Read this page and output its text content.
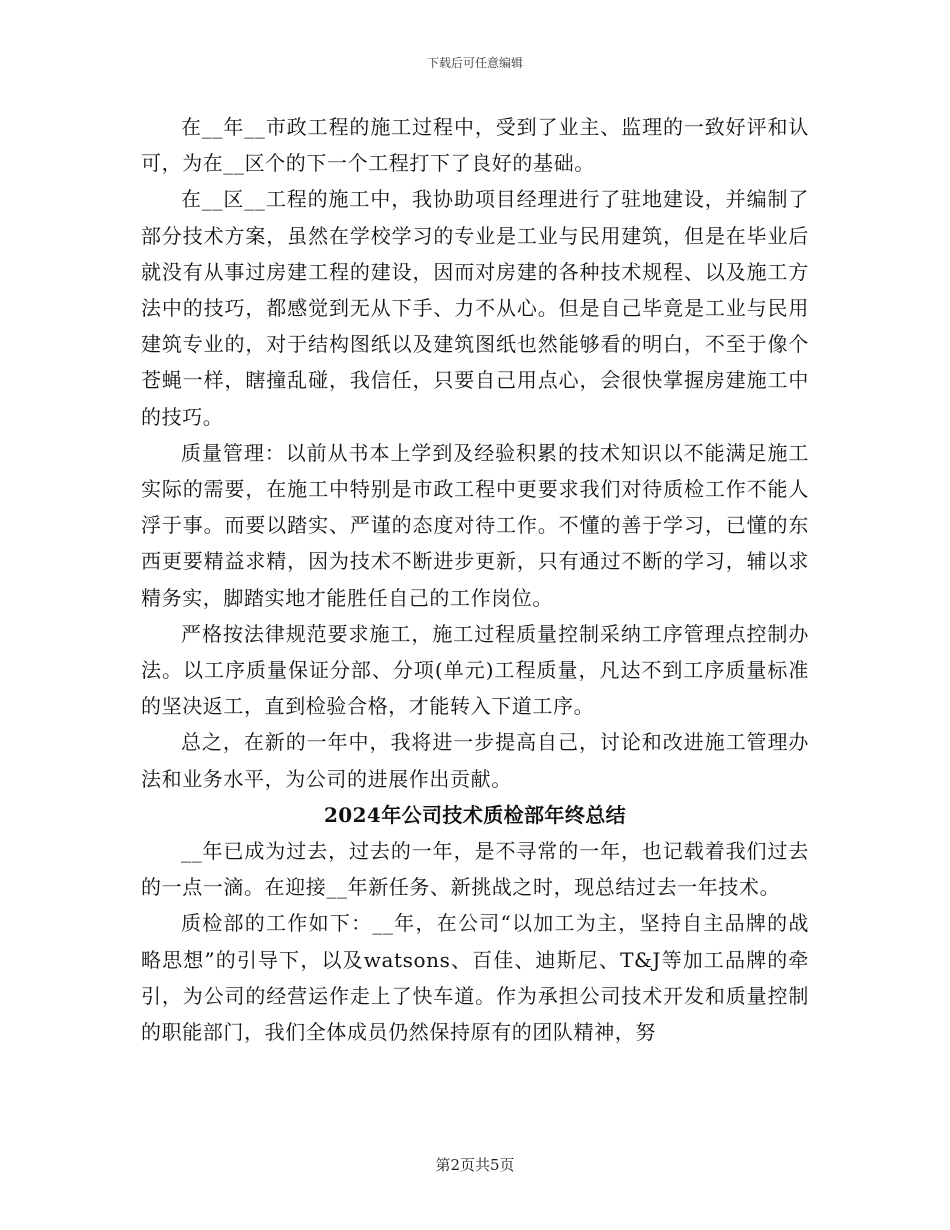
下载后可任意编辑

在__年__市政工程的施工过程中，受到了业主、监理的一致好评和认可，为在__区个的下一个工程打下了良好的基础。

在__区__工程的施工中，我协助项目经理进行了驻地建设，并编制了部分技术方案，虽然在学校学习的专业是工业与民用建筑，但是在毕业后就没有从事过房建工程的建设，因而对房建的各种技术规程、以及施工方法中的技巧，都感觉到无从下手、力不从心。但是自己毕竟是工业与民用建筑专业的，对于结构图纸以及建筑图纸也然能够看的明白，不至于像个苍蝇一样，瞎撞乱碰，我信任，只要自己用点心，会很快掌握房建施工中的技巧。

质量管理：以前从书本上学到及经验积累的技术知识以不能满足施工实际的需要，在施工中特别是市政工程中更要求我们对待质检工作不能人浮于事。而要以踏实、严谨的态度对待工作。不懂的善于学习，已懂的东西更要精益求精，因为技术不断进步更新，只有通过不断的学习，辅以求精务实，脚踏实地才能胜任自己的工作岗位。

严格按法律规范要求施工，施工过程质量控制采纳工序管理点控制办法。以工序质量保证分部、分项(单元)工程质量，凡达不到工序质量标准的坚决返工，直到检验合格，才能转入下道工序。

总之，在新的一年中，我将进一步提高自己，讨论和改进施工管理办法和业务水平，为公司的进展作出贡献。

2024年公司技术质检部年终总结

__年已成为过去，过去的一年，是不寻常的一年，也记载着我们过去的一点一滴。在迎接__年新任务、新挑战之时，现总结过去一年技术。

质检部的工作如下：__年，在公司“以加工为主，坚持自主品牌的战略思想”的引导下，以及watsons、百佳、迪斯尼、T&J等加工品牌的牵引，为公司的经营运作走上了快车道。作为承担公司技术开发和质量控制的职能部门，我们全体成员仍然保持原有的团队精神，努

第2页共5页
